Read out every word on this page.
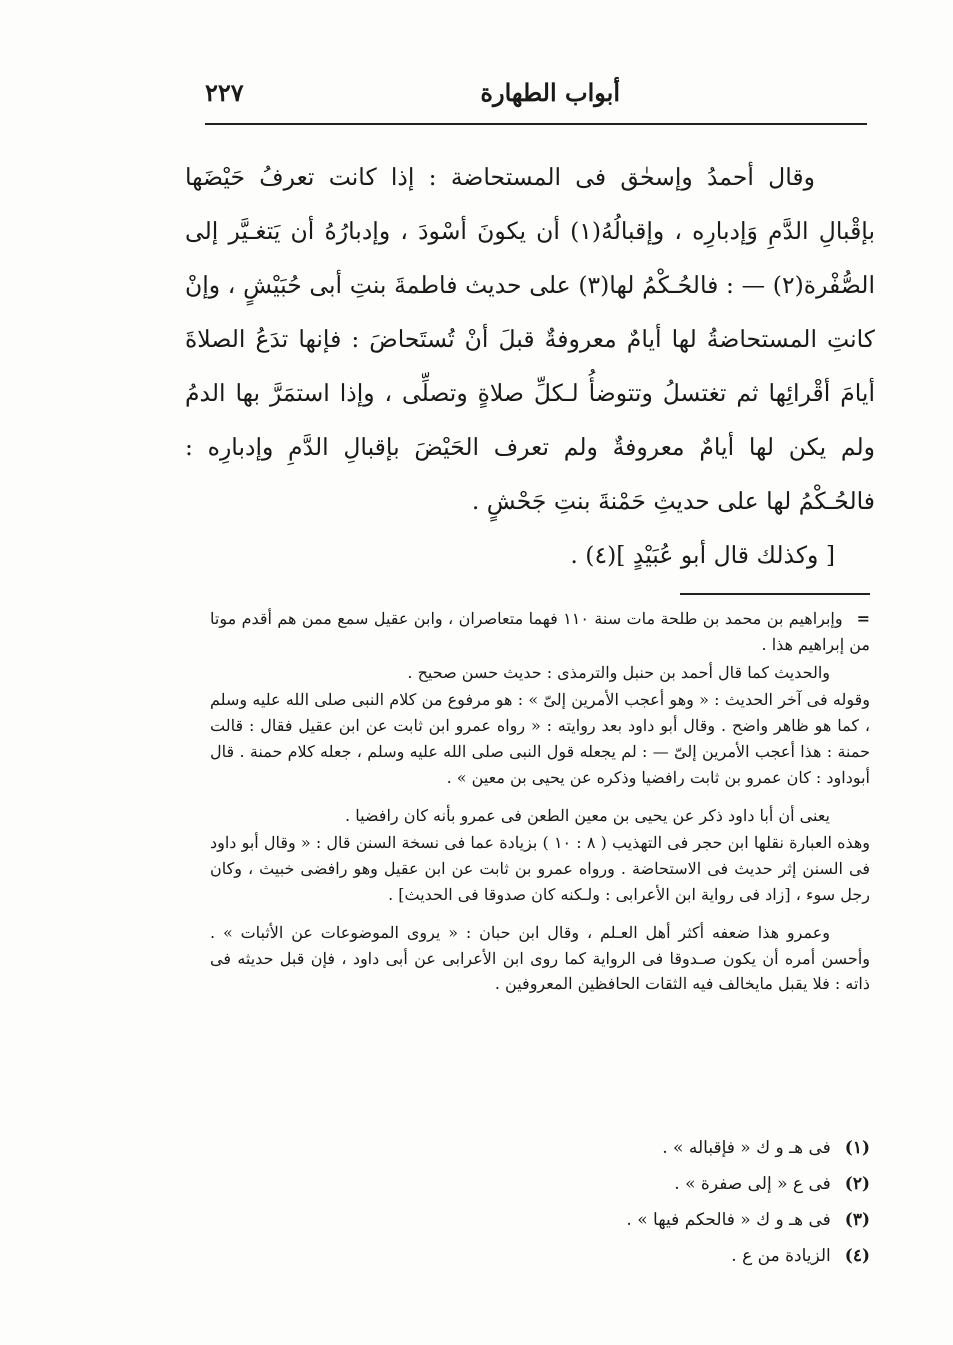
أبواب الطهارة
٢٢٧

وقال أحمدُ وإسحٰق فى المستحاضة : إذا كانت تعرفُ حَيْضَها بإقْبالِ الدَّمِ وَإدبارِه ، وإقبالُهُ(١) أن يكونَ أسْودَ ، وإدبارُهُ أن يَتغـيَّر إلى الصُّفْرة(٢) — : فالحُـكْمُ لها(٣) على حديث فاطمةَ بنتِ أبى حُبَيْشٍ ، وإنْ كانتِ المستحاضةُ لها أيامٌ معروفةٌ قبلَ أنْ تُستَحاضَ : فإنها تدَعُ الصلاةَ أيامَ أقْرائِها ثم تغتسلُ وتتوضأُ لـكلِّ صلاةٍ وتصلِّى ، وإذا استمَرَّ بها الدمُ ولم يكن لها أيامٌ معروفةٌ ولم تعرف الحَيْضَ بإقبالِ الدَّمِ وإدبارِه : فالحُـكْمُ لها على حديثِ حَمْنةَ بنتِ جَحْشٍ .

[ وكذلك قال أبو عُبَيْدٍ ](٤) .

=وإبراهيم بن محمد بن طلحة مات سنة ١١٠ فهما متعاصران ، وابن عقيل سمع ممن هم أقدم موتا من إبراهيم هذا .

والحديث كما قال أحمد بن حنبل والترمذى : حديث حسن صحيح .

وقوله فى آخر الحديث : « وهو أعجب الأمرين إلىّ » : هو مرفوع من كلام النبى صلى الله عليه وسلم ، كما هو ظاهر واضح . وقال أبو داود بعد روايته : « رواه عمرو ابن ثابت عن ابن عقيل فقال : قالت حمنة : هذا أعجب الأمرين إلىّ — : لم يجعله قول النبى صلى الله عليه وسلم ، جعله كلام حمنة . قال أبوداود : كان عمرو بن ثابت رافضيا وذكره عن يحيى بن معين » .

يعنى أن أبا داود ذكر عن يحيى بن معين الطعن فى عمرو بأنه كان رافضيا .

وهذه العبارة نقلها ابن حجر فى التهذيب ( ٨ : ١٠ ) بزيادة عما فى نسخة السنن قال : « وقال أبو داود فى السنن إثر حديث فى الاستحاضة . ورواه عمرو بن ثابت عن ابن عقيل وهو رافضى خبيث ، وكان رجل سوء ، [زاد فى رواية ابن الأعرابى : ولـكنه كان صدوقا فى الحديث] .

وعمرو هذا ضعفه أكثر أهل العـلم ، وقال ابن حبان : « يروى الموضوعات عن الأثبات » . وأحسن أمره أن يكون صـدوقا فى الرواية كما روى ابن الأعرابى عن أبى داود ، فإن قبل حديثه فى ذاته : فلا يقبل مايخالف فيه الثقات الحافظين المعروفين .

(١)فى هـ و ك « فإقباله » .

(٢)فى ع « إلى صفرة » .

(٣)فى هـ و ك « فالحكم فيها » .

(٤)الزيادة من ع .
